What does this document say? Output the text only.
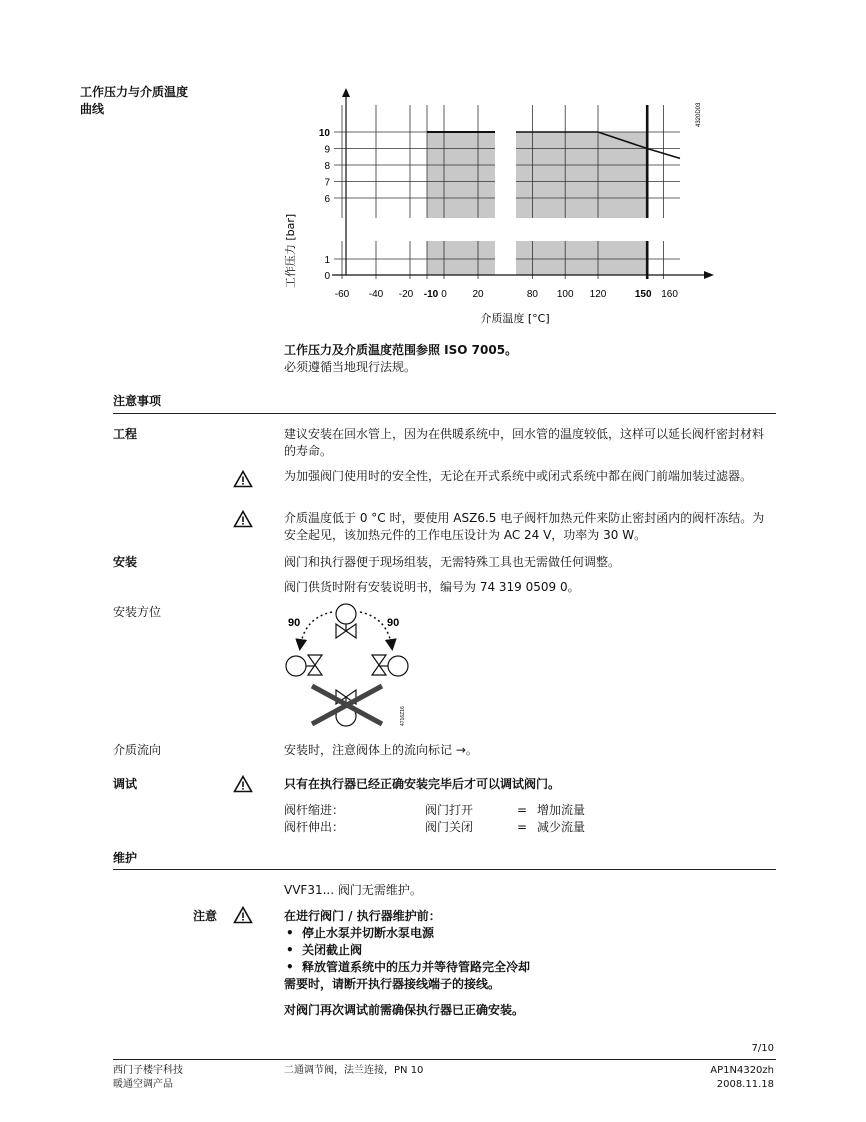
工作压力与介质温度
曲线
10
9
8
7
6
1
0
-60 -40 -20 -10 0	20	80 100 120	150 160
介质温度 [°C]
工作压力 [bar]
4320D03
工作压力及介质温度范围参照 ISO 7005。
必须遵循当地现行法规。
注意事项
工程	建议安装在回水管上，因为在供暖系统中，回水管的温度较低，这样可以延长阀杆密封材料的寿命。
为加强阀门使用时的安全性，无论在开式系统中或闭式系统中都在阀门前端加装过滤器。
介质温度低于 0 °C 时，要使用 ASZ6.5 电子阀杆加热元件来防止密封函内的阀杆冻结。为安全起见，该加热元件的工作电压设计为 AC 24 V，功率为 30 W。
安装	阀门和执行器便于现场组装，无需特殊工具也无需做任何调整。
阀门供货时附有安装说明书，编号为 74 319 0509 0。
安装方位
90	90
4716Z16
介质流向	安装时，注意阀体上的流向标记 →。
调试	只有在执行器已经正确安装完毕后才可以调试阀门。
阀杆缩进：	阀门打开	= 增加流量
阀杆伸出：	阀门关闭	= 减少流量
维护
VVF31... 阀门无需维护。
注意	在进行阀门 / 执行器维护前：
• 停止水泵并切断水泵电源
• 关闭截止阀
• 释放管道系统中的压力并等待管路完全冷却
需要时，请断开执行器接线端子的接线。
对阀门再次调试前需确保执行器已正确安装。
7/10
西门子楼宇科技
暖通空调产品
二通调节阀，法兰连接，PN 10	AP1N4320zh
2008.11.18
